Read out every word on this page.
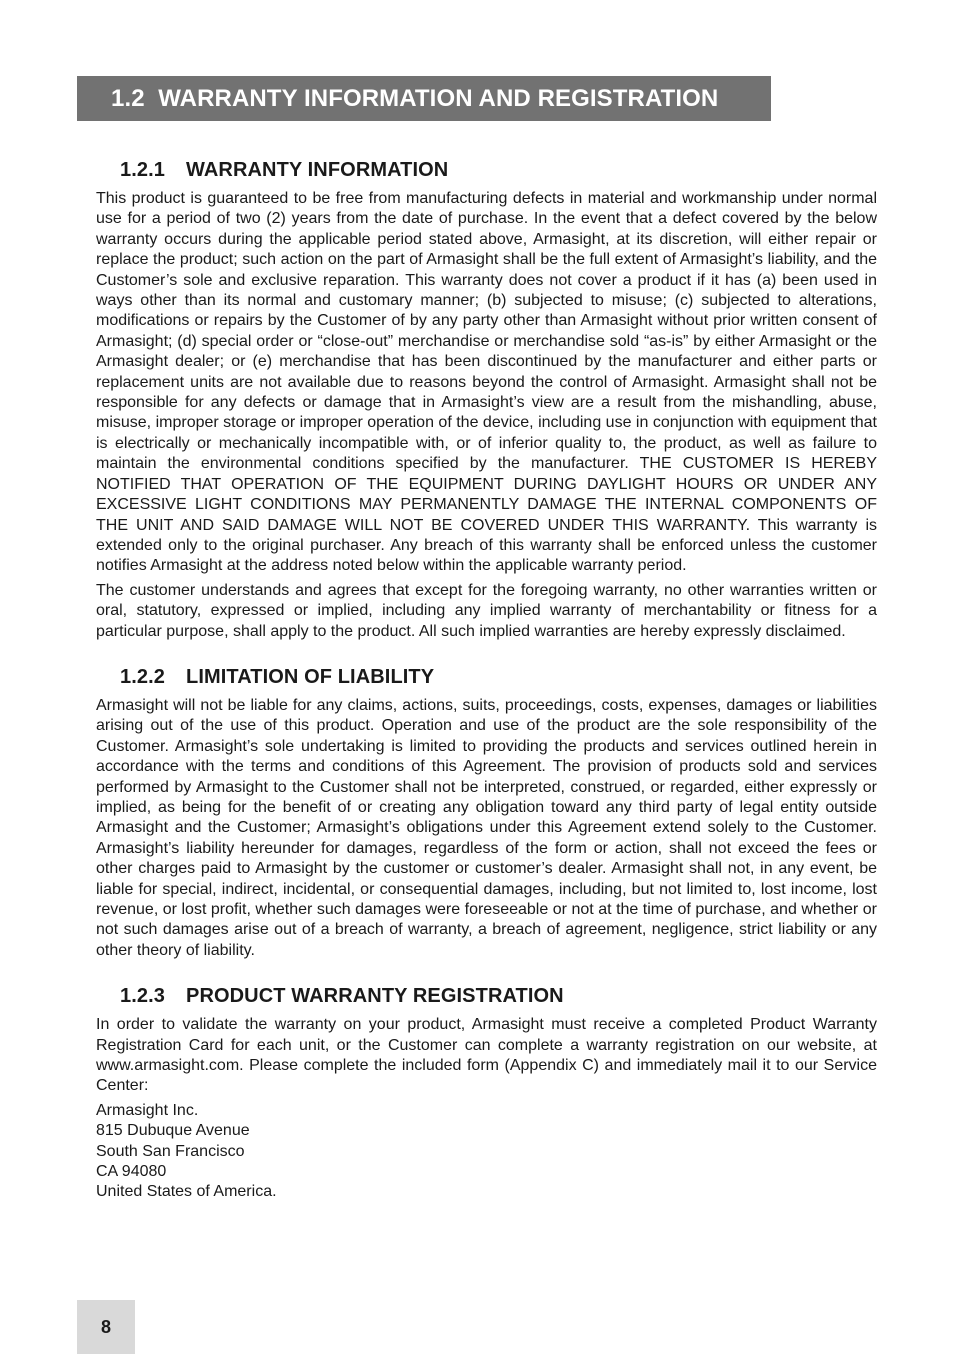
1.2
WARRANTY INFORMATION AND REGISTRATION
1.2.1 WARRANTY INFORMATION

This product is guaranteed to be free from manufacturing defects in material and workmanship under normal use for a period of two (2) years from the date of purchase. In the event that a defect covered by the below warranty occurs during the applicable period stated above, Armasight, at its discretion, will either repair or replace the product; such action on the part of Armasight shall be the full extent of Armasight’s liability, and the Customer’s sole and exclusive reparation. This warranty does not cover a product if it has (a) been used in ways other than its normal and customary manner; (b) subjected to misuse; (c) subjected to alterations, modifications or repairs by the Customer of by any party other than Armasight without prior written consent of Armasight; (d) special order or “close-out” merchandise or merchandise sold “as-is” by either Armasight or the Armasight dealer; or (e) merchandise that has been discontinued by the manufacturer and either parts or replacement units are not available due to reasons beyond the control of Armasight. Armasight shall not be responsible for any defects or damage that in Armasight’s view are a result from the mishandling, abuse, misuse, improper storage or improper operation of the device, including use in conjunction with equipment that is electrically or mechanically incompatible with, or of inferior quality to, the product, as well as failure to maintain the environmental conditions specified by the manufacturer. THE CUSTOMER IS HEREBY NOTIFIED THAT OPERATION OF THE EQUIPMENT DURING DAYLIGHT HOURS OR UNDER ANY EXCESSIVE LIGHT CONDITIONS MAY PERMANENTLY DAMAGE THE INTERNAL COMPONENTS OF THE UNIT AND SAID DAMAGE WILL NOT BE COVERED UNDER THIS WARRANTY. This warranty is extended only to the original purchaser. Any breach of this warranty shall be enforced unless the customer notifies Armasight at the address noted below within the applicable warranty period.

The customer understands and agrees that except for the foregoing warranty, no other warranties written or oral, statutory, expressed or implied, including any implied warranty of merchantability or fitness for a particular purpose, shall apply to the product. All such implied warranties are hereby expressly disclaimed.

1.2.2 LIMITATION OF LIABILITY

Armasight will not be liable for any claims, actions, suits, proceedings, costs, expenses, damages or liabilities arising out of the use of this product. Operation and use of the product are the sole responsibility of the Customer. Armasight’s sole undertaking is limited to providing the products and services outlined herein in accordance with the terms and conditions of this Agreement. The provision of products sold and services performed by Armasight to the Customer shall not be interpreted, construed, or regarded, either expressly or implied, as being for the benefit of or creating any obligation toward any third party of legal entity outside Armasight and the Customer; Armasight’s obligations under this Agreement extend solely to the Customer. Armasight’s liability hereunder for damages, regardless of the form or action, shall not exceed the fees or other charges paid to Armasight by the customer or customer’s dealer. Armasight shall not, in any event, be liable for special, indirect, incidental, or consequential damages, including, but not limited to, lost income, lost revenue, or lost profit, whether such damages were foreseeable or not at the time of purchase, and whether or not such damages arise out of a breach of warranty, a breach of agreement, negligence, strict liability or any other theory of liability.

1.2.3 PRODUCT WARRANTY REGISTRATION

In order to validate the warranty on your product, Armasight must receive a completed Product Warranty Registration Card for each unit, or the Customer can complete a warranty registration on our website, at www.armasight.com. Please complete the included form (Appendix C) and immediately mail it to our Service Center:

Armasight Inc.
815 Dubuque Avenue
South San Francisco
CA 94080
United States of America.
8
